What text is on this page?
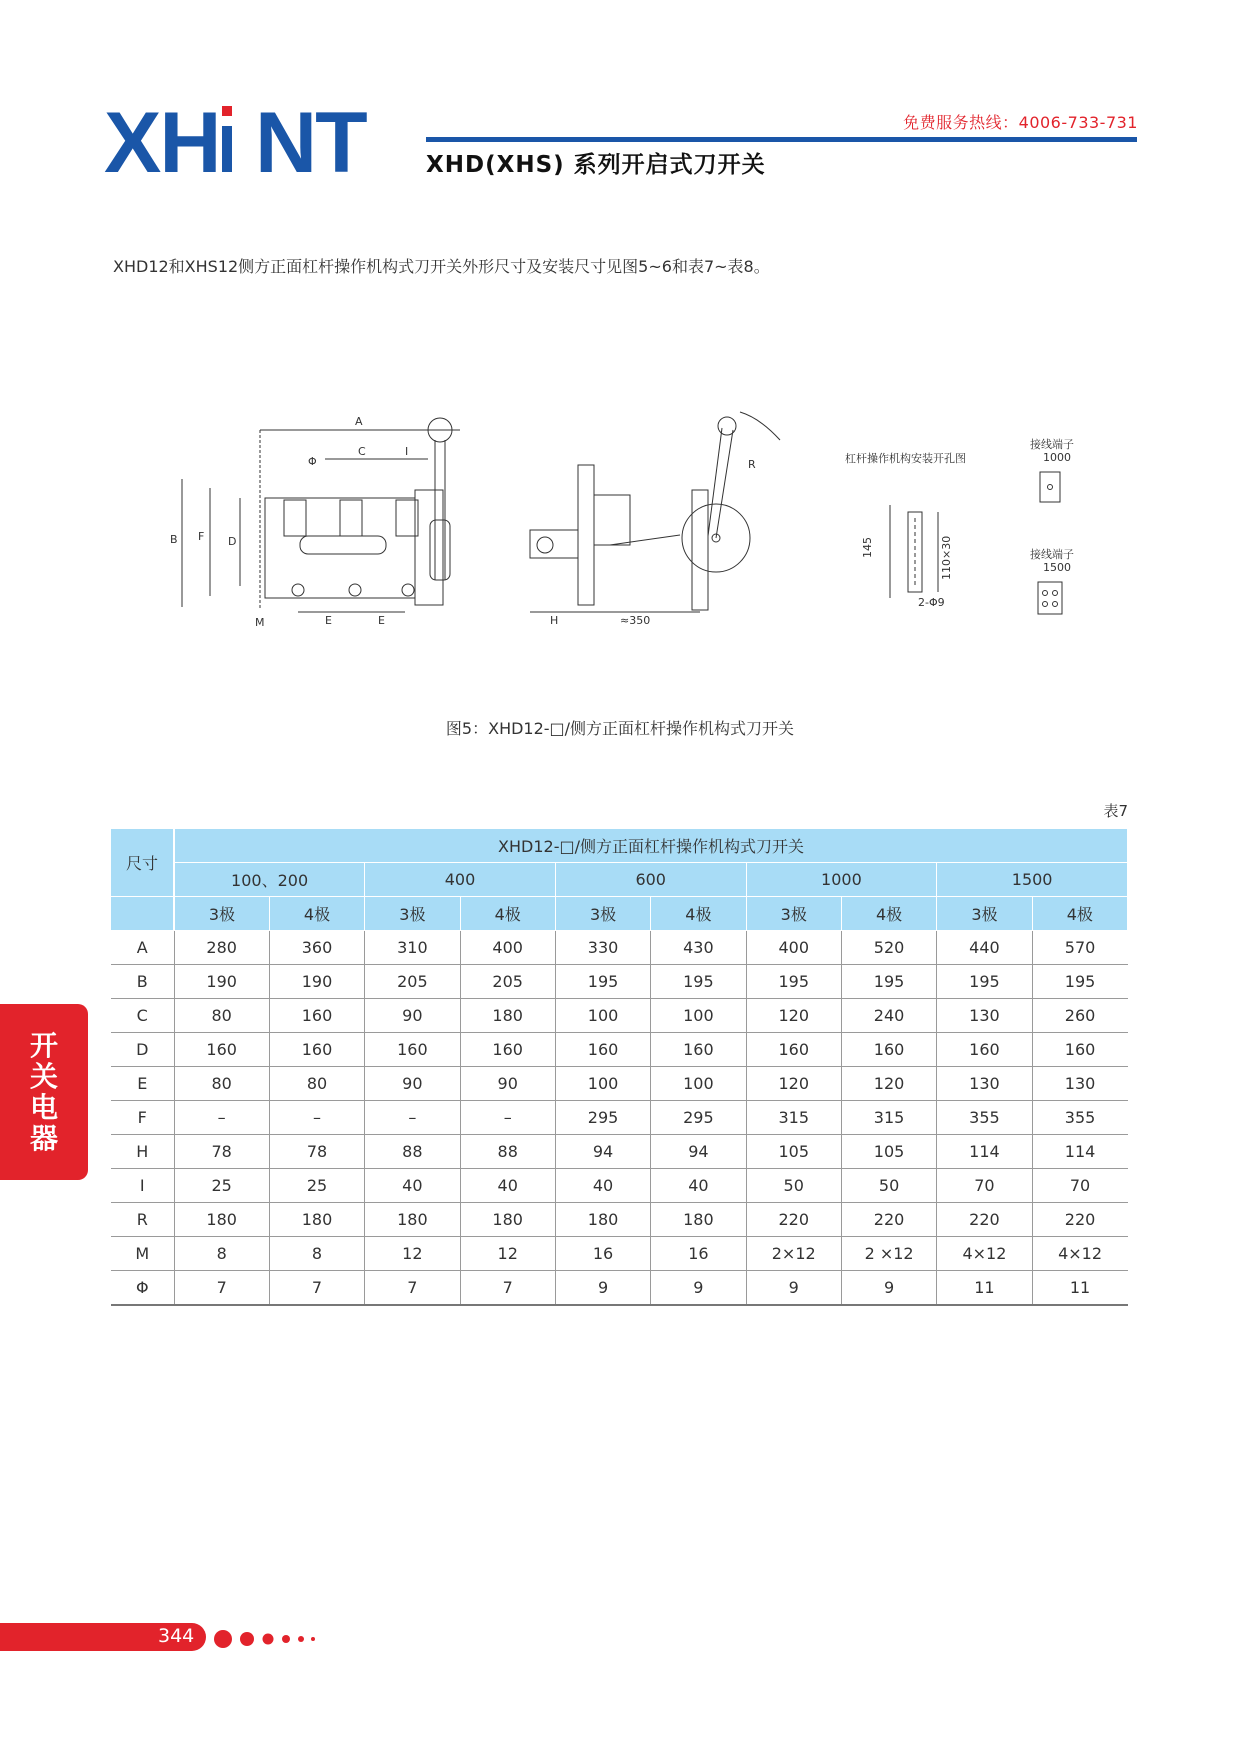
XH NT	免费服务热线：4006-733-731
XHD(XHS) 系列开启式刀开关
XHD12和XHS12侧方正面杠杆操作机构式刀开关外形尺寸及安装尺寸见图5~6和表7~表8。
A
C	I
Φ
B F D
E	E
M
R
H	≈350
杠杆操作机构安装开孔图
145	110×30
2-Φ9
接线端子
1000
接线端子
1500
图5：XHD12-□/侧方正面杠杆操作机构式刀开关
表7
尺寸	XHD12-□/侧方正面杠杆操作机构式刀开关									
	100、200		400		600		1000		1500	
	3极	4极	3极	4极	3极	4极	3极	4极	3极	4极
A	280	360	310	400	330	430	400	520	440	570
B	190	190	205	205	195	195	195	195	195	195
C	80	160	90	180	100	100	120	240	130	260
D	160	160	160	160	160	160	160	160	160	160
E	80	80	90	90	100	100	120	120	130	130
F	–	–	–	–	295	295	315	315	355	355
H	78	78	88	88	94	94	105	105	114	114
I	25	25	40	40	40	40	50	50	70	70
R	180	180	180	180	180	180	220	220	220	220
M	8	8	12	12	16	16	2×12	2 ×12	4×12	4×12
Φ	7	7	7	7	9	9	9	9	11	11
开
关
电
器
344
